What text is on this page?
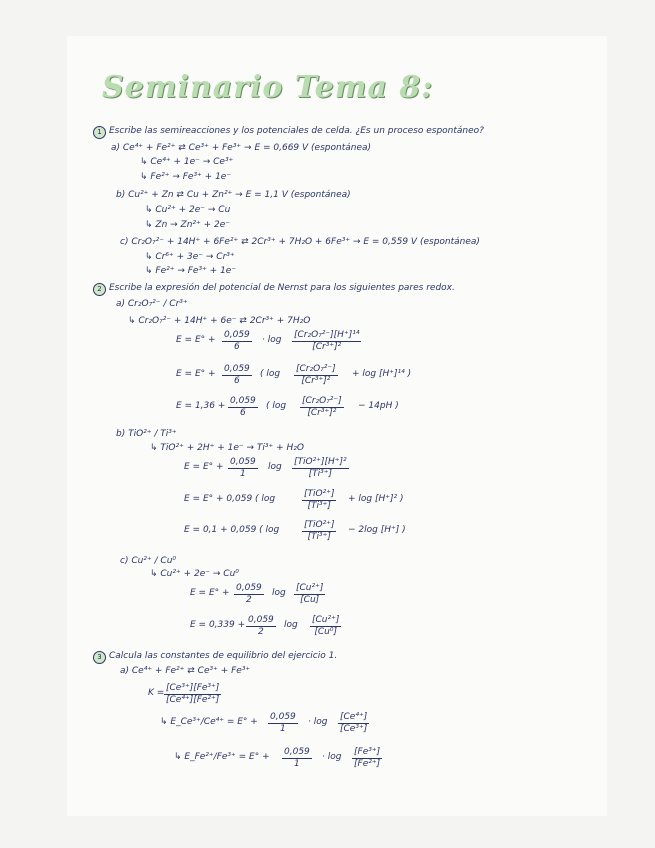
Seminario Tema 8:
1 Escribe las semireacciones y los potenciales de celda. ¿Es un proceso espontáneo?
a) Ce⁴⁺ + Fe²⁺ ⇄ Ce³⁺ + Fe³⁺ → E = 0,669 V (espontánea)
↳ Ce⁴⁺ + 1e⁻ → Ce³⁺
↳ Fe²⁺ → Fe³⁺ + 1e⁻
b) Cu²⁺ + Zn ⇄ Cu + Zn²⁺ → E = 1,1 V (espontánea)
↳ Cu²⁺ + 2e⁻ → Cu
↳ Zn → Zn²⁺ + 2e⁻
c) Cr₂O₇²⁻ + 14H⁺ + 6Fe²⁺ ⇄ 2Cr³⁺ + 7H₂O + 6Fe³⁺ → E = 0,559 V (espontánea)
↳ Cr⁶⁺ + 3e⁻ → Cr³⁺
↳ Fe²⁺ → Fe³⁺ + 1e⁻
2 Escribe la expresión del potencial de Nernst para los siguientes pares redox.
a) Cr₂O₇²⁻ / Cr³⁺
↳ Cr₂O₇²⁻ + 14H⁺ + 6e⁻ ⇄ 2Cr³⁺ + 7H₂O
$E = E^\circ + \frac{0,059}{6} \cdot \log \frac{\text{[Cr₂O₇²⁻][H⁺]¹⁴}}{\text{[Cr³⁺]²}}$
$E = E^\circ + \frac{0,059}{6}$ ( $\log \frac{\text{[Cr₂O₇²⁻]}}{\text{[Cr³⁺]²}} + \log [H^+]^{14}$ )
$E = 1,36 + \frac{0,059}{6}$ ( $\log \frac{\text{[Cr₂O₇²⁻]}}{\text{[Cr³⁺]²}} - 14pH$ )
b) TiO²⁺ / Ti³⁺
↳ TiO²⁺ + 2H⁺ + 1e⁻ → Ti³⁺ + H₂O
$E = E^\circ + \frac{0,059}{1}$ log [TiO²⁺][H⁺]²
[Ti³⁺]
E = E° + 0,059 ( log	[TiO²⁺]
[Ti³⁺]
+ log [H⁺]² )
E = 0,1 + 0,059 ( log	[TiO²⁺]
[Ti³⁺]
− 2log [H⁺] )
c) Cu²⁺ / Cu⁰
↳ Cu²⁺ + 2e⁻ → Cu⁰
$E = E^\circ + \frac{0,059}{2}$ $\log \frac{\text{[Cu²⁺]}}{[Cu]}$
$E = 0,339 + \frac{0,059}{2}$ $\log \frac{\text{[Cu²⁺]}}{\text{[Cu⁰]}}$
3 Calcula las constantes de equilibrio del ejercicio 1.
a) Ce⁴⁺ + Fe²⁺ ⇄ Ce³⁺ + Fe³⁺
$K = \frac{\text{[Ce³⁺][Fe³⁺]}}{\text{[Ce⁴⁺][Fe²⁺]}}$
↳ E_Ce³⁺/Ce⁴⁺ = $E^\circ + \frac{0,059}{1} \cdot \log \frac{\text{[Ce⁴⁺]}}{\text{[Ce³⁺]}}$
↳ E_Fe²⁺/Fe³⁺ = $E^\circ + \frac{0,059}{1} \cdot \log \frac{\text{[Fe³⁺]}}{\text{[Fe²⁺]}}$
